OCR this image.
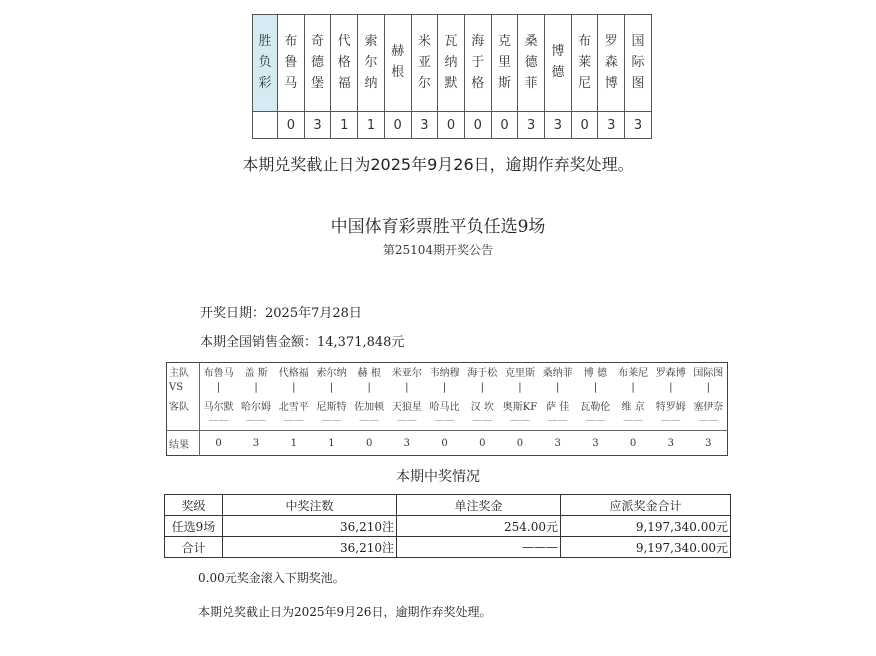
胜负彩	布鲁马	奇德堡	代格福	索尔纳	赫根	米亚尔	瓦纳默	海于格	克里斯	桑德菲	博德	布莱尼	罗森博	国际图
	0	3	1	1	0	3	0	0	0	3	3	0	3	3
本期兑奖截止日为2025年9月26日，逾期作弃奖处理。
中国体育彩票胜平负任选9场
第25104期开奖公告
开奖日期：2025年7月28日
本期全国销售金额：14,371,848元
主队	布鲁马	盖 斯	代格福	索尔纳	赫 根	米亚尔	韦纳穆	海于松	克里斯	桑纳菲	博 德	布莱尼	罗森博	国际图
VS	|	|	|	|	|	|	|	|	|	|	|	|	|	|
客队	马尔默	哈尔姆	北雪平	尼斯特	佐加顿	天狼星	哈马比	汉 坎	奥斯KF	萨 佳	瓦勒伦	维 京	特罗姆	塞伊奈
	——	——	——	——	——	——	——	——	——	——	——	——	——	——
结果	0	3	1	1	0	3	0	0	0	3	3	0	3	3
本期中奖情况
奖级	中奖注数	单注奖金	应派奖金合计
任选9场	36,210注	254.00元	9,197,340.00元
合计	36,210注	———	9,197,340.00元
0.00元奖金滚入下期奖池。
本期兑奖截止日为2025年9月26日，逾期作弃奖处理。
